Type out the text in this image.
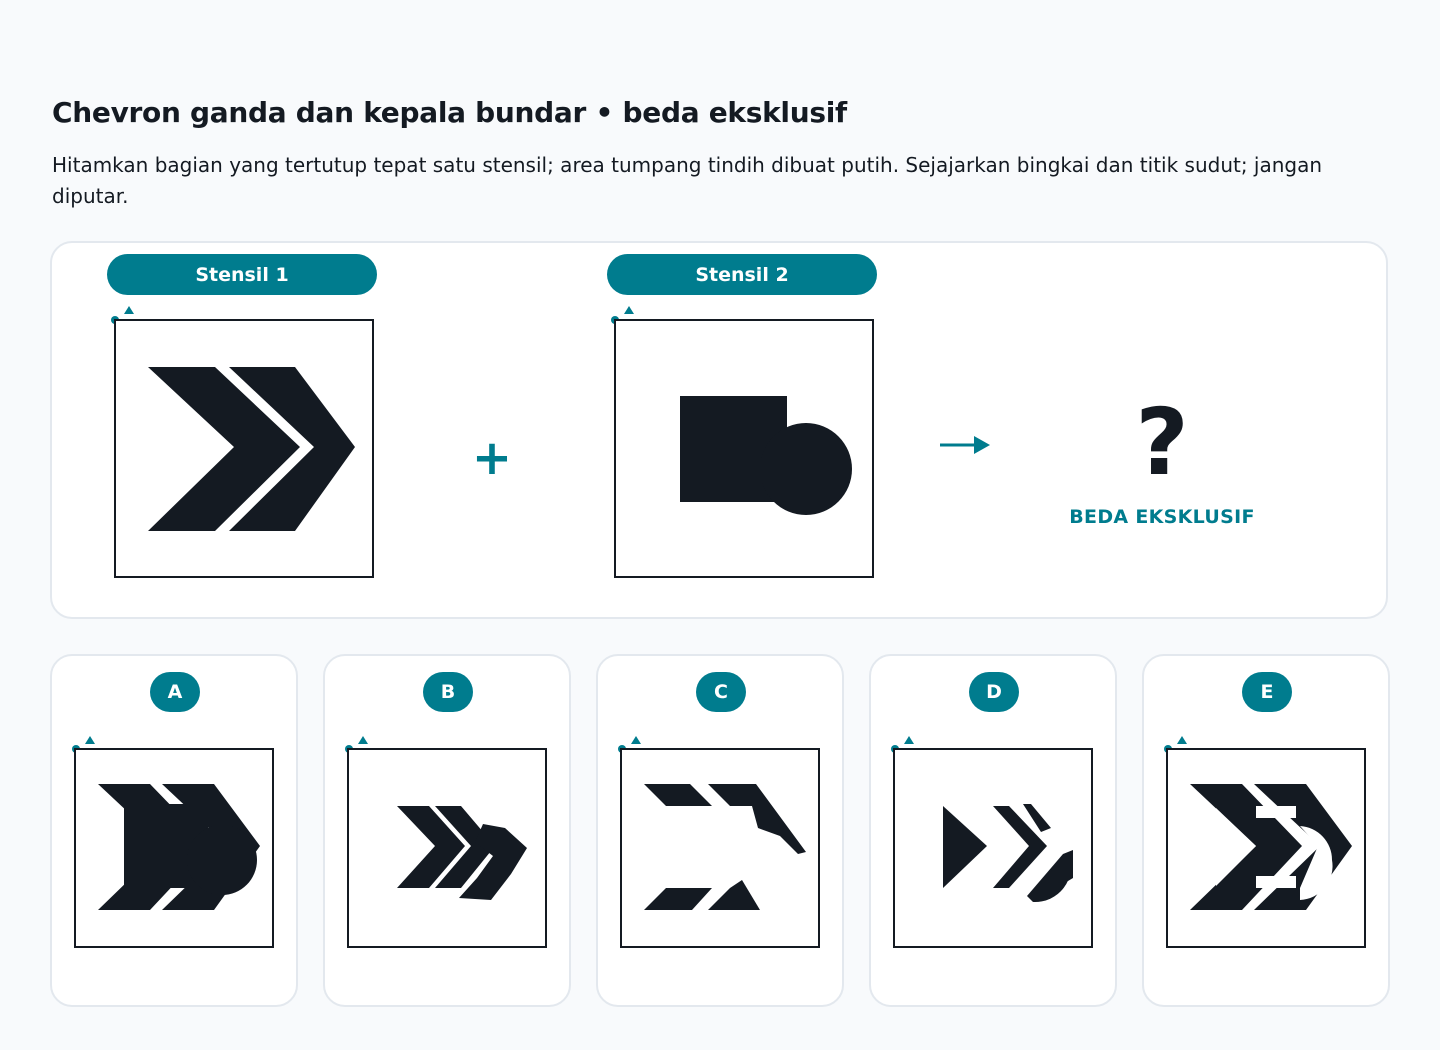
Chevron ganda dan kepala bundar • beda eksklusif
Hitamkan bagian yang tertutup tepat satu stensil; area tumpang tindih dibuat putih. Sejajarkan bingkai dan titik sudut; jangan diputar.
Stensil 1
+
Stensil 2
?
BEDA EKSKLUSIF
A	B	C	D	E
